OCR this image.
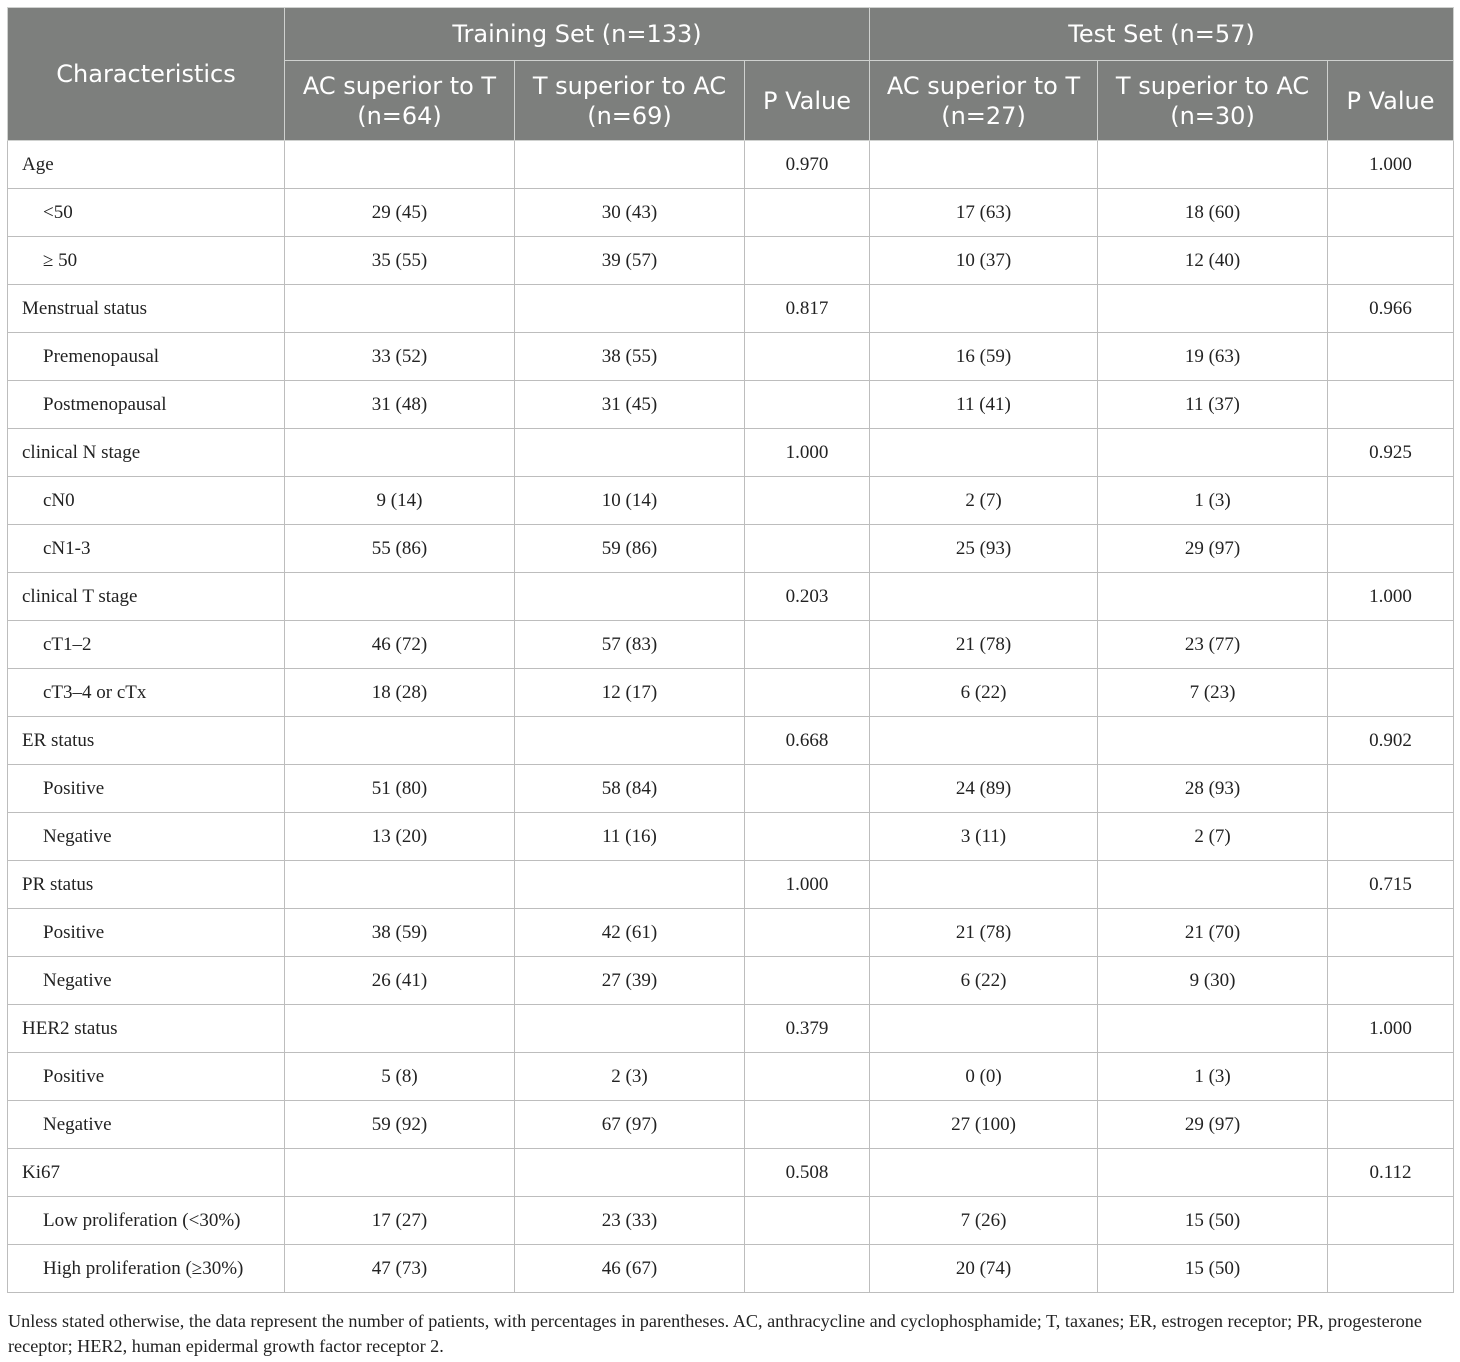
Characteristics	Training Set (n=133)			Test Set (n=57)		
	AC superior to T (n=64)	T superior to AC (n=69)	P Value	AC superior to T (n=27)	T superior to AC (n=30)	P Value
Age			0.970			1.000
<50	29 (45)	30 (43)		17 (63)	18 (60)	
≥ 50	35 (55)	39 (57)		10 (37)	12 (40)	
Menstrual status			0.817			0.966
Premenopausal	33 (52)	38 (55)		16 (59)	19 (63)	
Postmenopausal	31 (48)	31 (45)		11 (41)	11 (37)	
clinical N stage			1.000			0.925
cN0	9 (14)	10 (14)		2 (7)	1 (3)	
cN1-3	55 (86)	59 (86)		25 (93)	29 (97)	
clinical T stage			0.203			1.000
cT1–2	46 (72)	57 (83)		21 (78)	23 (77)	
cT3–4 or cTx	18 (28)	12 (17)		6 (22)	7 (23)	
ER status			0.668			0.902
Positive	51 (80)	58 (84)		24 (89)	28 (93)	
Negative	13 (20)	11 (16)		3 (11)	2 (7)	
PR status			1.000			0.715
Positive	38 (59)	42 (61)		21 (78)	21 (70)	
Negative	26 (41)	27 (39)		6 (22)	9 (30)	
HER2 status			0.379			1.000
Positive	5 (8)	2 (3)		0 (0)	1 (3)	
Negative	59 (92)	67 (97)		27 (100)	29 (97)	
Ki67			0.508			0.112
Low proliferation (<30%)	17 (27)	23 (33)		7 (26)	15 (50)	
High proliferation (≥30%)	47 (73)	46 (67)		20 (74)	15 (50)	
Unless stated otherwise, the data represent the number of patients, with percentages in parentheses. AC, anthracycline and cyclophosphamide; T, taxanes; ER, estrogen receptor; PR, progesterone receptor; HER2, human epidermal growth factor receptor 2.
